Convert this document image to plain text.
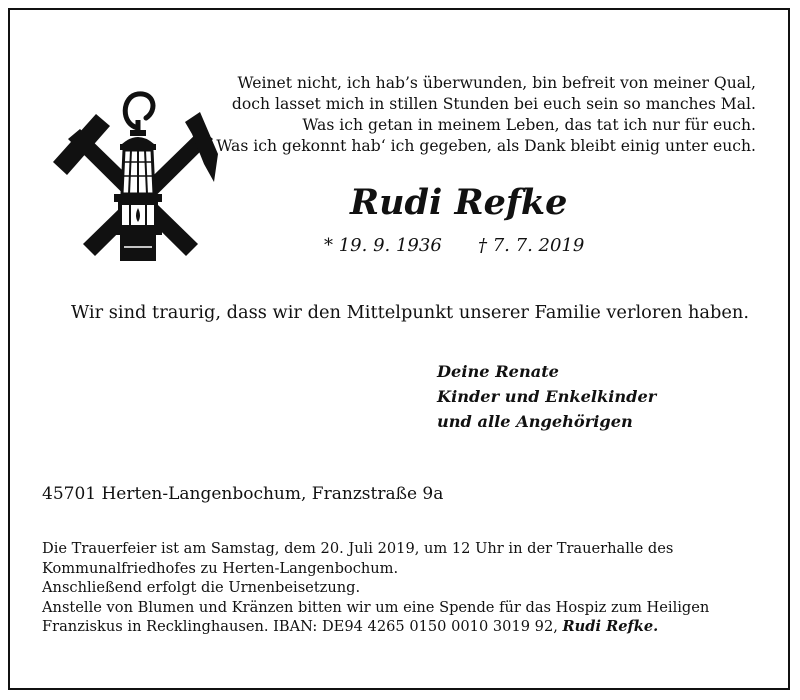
Weinet nicht, ich hab’s überwunden, bin befreit von meiner Qual,
doch lasset mich in stillen Stunden bei euch sein so manches Mal.
Was ich getan in meinem Leben, das tat ich nur für euch.
Was ich gekonnt hab‘ ich gegeben, als Dank bleibt einig unter euch.
Rudi Refke
* 19. 9. 1936 † 7. 7. 2019
Wir sind traurig, dass wir den Mittelpunkt unserer Familie verloren haben.
Deine Renate
Kinder und Enkelkinder
und alle Angehörigen
45701 Herten-Langenbochum, Franzstraße 9a
Die Trauerfeier ist am Samstag, dem 20. Juli 2019, um 12 Uhr in der Trauerhalle des
Kommunalfriedhofes zu Herten-Langenbochum.
Anschließend erfolgt die Urnenbeisetzung.
Anstelle von Blumen und Kränzen bitten wir um eine Spende für das Hospiz zum Heiligen
Franziskus in Recklinghausen. IBAN: DE94 4265 0150 0010 3019 92, Rudi Refke.
